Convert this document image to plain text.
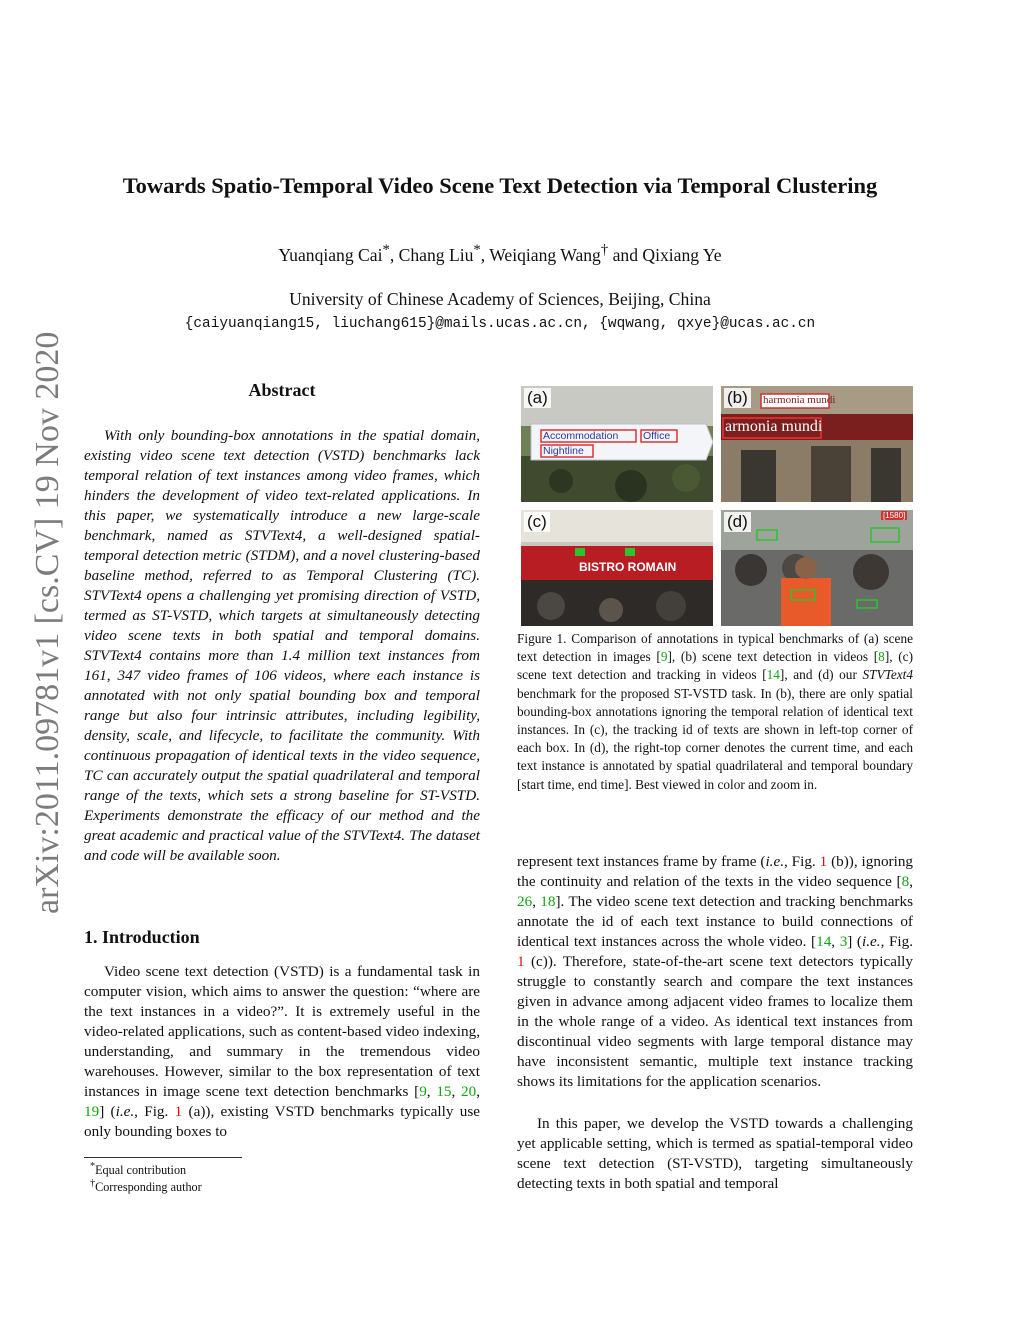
arXiv:2011.09781v1 [cs.CV] 19 Nov 2020
Towards Spatio-Temporal Video Scene Text Detection via Temporal Clustering
Yuanqiang Cai*, Chang Liu*, Weiqiang Wang† and Qixiang Ye
University of Chinese Academy of Sciences, Beijing, China
{caiyuanqiang15, liuchang615}@mails.ucas.ac.cn, {wqwang, qxye}@ucas.ac.cn
Abstract
With only bounding-box annotations in the spatial domain, existing video scene text detection (VSTD) benchmarks lack temporal relation of text instances among video frames, which hinders the development of video text-related applications. In this paper, we systematically introduce a new large-scale benchmark, named as STVText4, a well-designed spatial-temporal detection metric (STDM), and a novel clustering-based baseline method, referred to as Temporal Clustering (TC). STVText4 opens a challenging yet promising direction of VSTD, termed as ST-VSTD, which targets at simultaneously detecting video scene texts in both spatial and temporal domains. STVText4 contains more than 1.4 million text instances from 161, 347 video frames of 106 videos, where each instance is annotated with not only spatial bounding box and temporal range but also four intrinsic attributes, including legibility, density, scale, and lifecycle, to facilitate the community. With continuous propagation of identical texts in the video sequence, TC can accurately output the spatial quadrilateral and temporal range of the texts, which sets a strong baseline for ST-VSTD. Experiments demonstrate the efficacy of our method and the great academic and practical value of the STVText4. The dataset and code will be available soon.
1. Introduction
Video scene text detection (VSTD) is a fundamental task in computer vision, which aims to answer the question: “where are the text instances in a video?”. It is extremely useful in the video-related applications, such as content-based video indexing, understanding, and summary in the tremendous video warehouses. However, similar to the box representation of text instances in image scene text detection benchmarks [9, 15, 20, 19] (i.e., Fig. 1 (a)), existing VSTD benchmarks typically use only bounding boxes to
*Equal contribution
†Corresponding author
Accommodation Office
Nightline
(a)	harmonia mundi
armonia mundi
(b)
BISTRO ROMAIN
(c)	[1580]
(d)
Figure 1. Comparison of annotations in typical benchmarks of (a) scene text detection in images [9], (b) scene text detection in videos [8], (c) scene text detection and tracking in videos [14], and (d) our STVText4 benchmark for the proposed ST-VSTD task. In (b), there are only spatial bounding-box annotations ignoring the temporal relation of identical text instances. In (c), the tracking id of texts are shown in left-top corner of each box. In (d), the right-top corner denotes the current time, and each text instance is annotated by spatial quadrilateral and temporal boundary [start time, end time]. Best viewed in color and zoom in.
represent text instances frame by frame (i.e., Fig. 1 (b)), ignoring the continuity and relation of the texts in the video sequence [8, 26, 18]. The video scene text detection and tracking benchmarks annotate the id of each text instance to build connections of identical text instances across the whole video. [14, 3] (i.e., Fig. 1 (c)). Therefore, state-of-the-art scene text detectors typically struggle to constantly search and compare the text instances given in advance among adjacent video frames to localize them in the whole range of a video. As identical text instances from discontinual video segments with large temporal distance may have inconsistent semantic, multiple text instance tracking shows its limitations for the application scenarios.
In this paper, we develop the VSTD towards a challenging yet applicable setting, which is termed as spatial-temporal video scene text detection (ST-VSTD), targeting simultaneously detecting texts in both spatial and temporal
